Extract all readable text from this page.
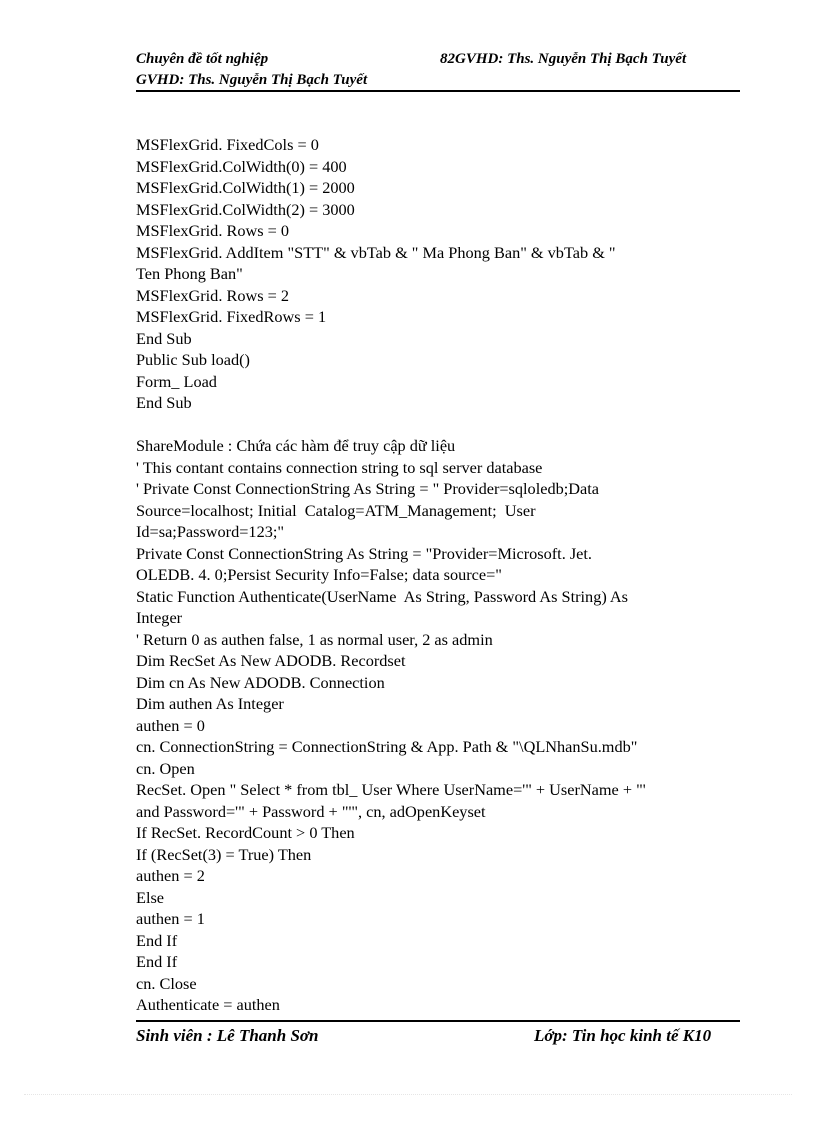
Chuyên đề tốt nghiệp	82GVHD: Ths. Nguyễn Thị Bạch Tuyết
GVHD: Ths. Nguyễn Thị Bạch Tuyết
MSFlexGrid. FixedCols = 0
MSFlexGrid.ColWidth(0) = 400
MSFlexGrid.ColWidth(1) = 2000
MSFlexGrid.ColWidth(2) = 3000
MSFlexGrid. Rows = 0
MSFlexGrid. AddItem "STT" & vbTab & " Ma Phong Ban" & vbTab & "
Ten Phong Ban"
MSFlexGrid. Rows = 2
MSFlexGrid. FixedRows = 1
End Sub
Public Sub load()
Form_ Load
End Sub
ShareModule : Chứa các hàm để truy cập dữ liệu
' This contant contains connection string to sql server database
' Private Const ConnectionString As String = " Provider=sqloledb;Data
Source=localhost; Initial  Catalog=ATM_Management;  User
Id=sa;Password=123;"
Private Const ConnectionString As String = "Provider=Microsoft. Jet.
OLEDB. 4. 0;Persist Security Info=False; data source="
Static Function Authenticate(UserName  As String, Password As String) As
Integer
' Return 0 as authen false, 1 as normal user, 2 as admin
Dim RecSet As New ADODB. Recordset
Dim cn As New ADODB. Connection
Dim authen As Integer
authen = 0
cn. ConnectionString = ConnectionString & App. Path & "\QLNhanSu.mdb"
cn. Open
RecSet. Open " Select * from tbl_ User Where UserName='" + UserName + "'
and Password='" + Password + "'", cn, adOpenKeyset
If RecSet. RecordCount > 0 Then
If (RecSet(3) = True) Then
authen = 2
Else
authen = 1
End If
End If
cn. Close
Authenticate = authen
Sinh viên : Lê Thanh Sơn	Lớp: Tin học kinh tế K10
